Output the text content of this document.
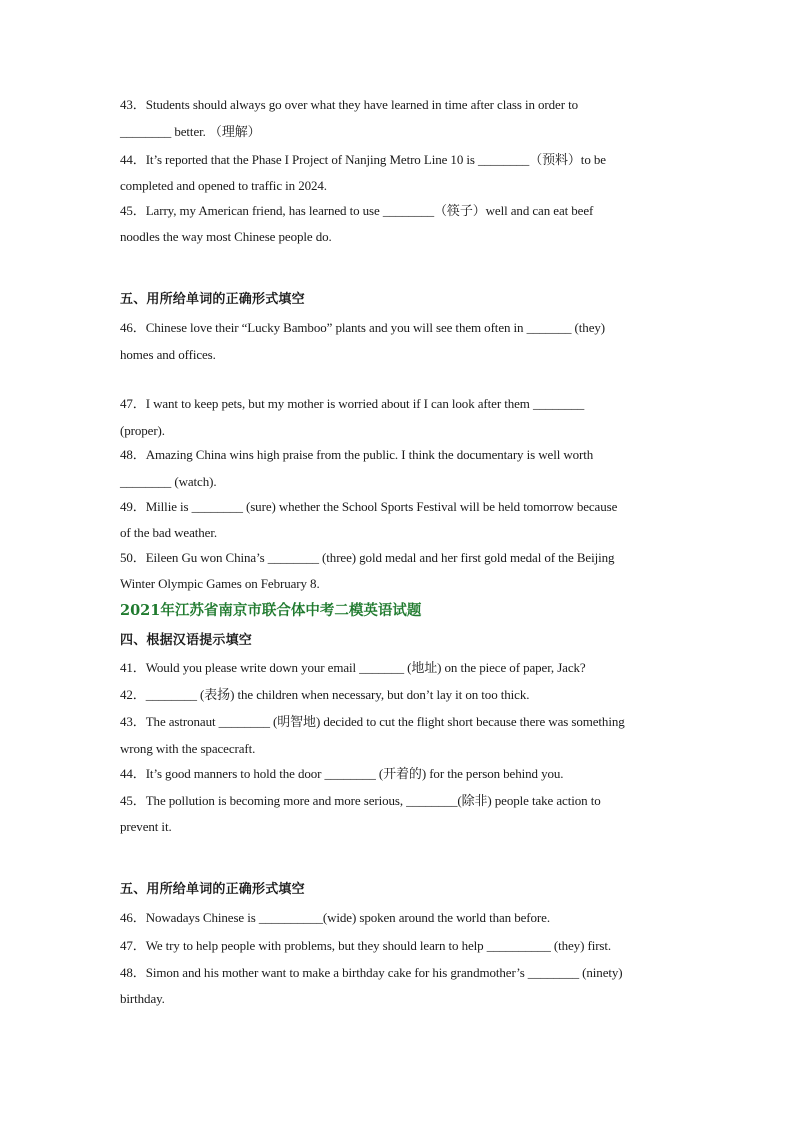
43．Students should always go over what they have learned in time after class in order to
________ better. （理解）
44．It’s reported that the Phase I Project of Nanjing Metro Line 10 is ________（预料）to be
completed and opened to traffic in 2024.
45．Larry, my American friend, has learned to use ________（筷子）well and can eat beef
noodles the way most Chinese people do.
五、用所给单词的正确形式填空
46．Chinese love their “Lucky Bamboo” plants and you will see them often in _______ (they)
homes and offices.
47．I want to keep pets, but my mother is worried about if I can look after them ________
(proper).
48．Amazing China wins high praise from the public. I think the documentary is well worth
________ (watch).
49．Millie is ________ (sure) whether the School Sports Festival will be held tomorrow because
of the bad weather.
50．Eileen Gu won China’s ________ (three) gold medal and her first gold medal of the Beijing
Winter Olympic Games on February 8.
2021年江苏省南京市联合体中考二模英语试题
四、根据汉语提示填空
41．Would you please write down your email _______ (地址) on the piece of paper, Jack?
42．________ (表扬) the children when necessary, but don’t lay it on too thick.
43．The astronaut ________ (明智地) decided to cut the flight short because there was something
wrong with the spacecraft.
44．It’s good manners to hold the door ________ (开着的) for the person behind you.
45．The pollution is becoming more and more serious, ________(除非) people take action to
prevent it.
五、用所给单词的正确形式填空
46．Nowadays Chinese is __________(wide) spoken around the world than before.
47．We try to help people with problems, but they should learn to help __________ (they) first.
48．Simon and his mother want to make a birthday cake for his grandmother’s ________ (ninety)
birthday.
